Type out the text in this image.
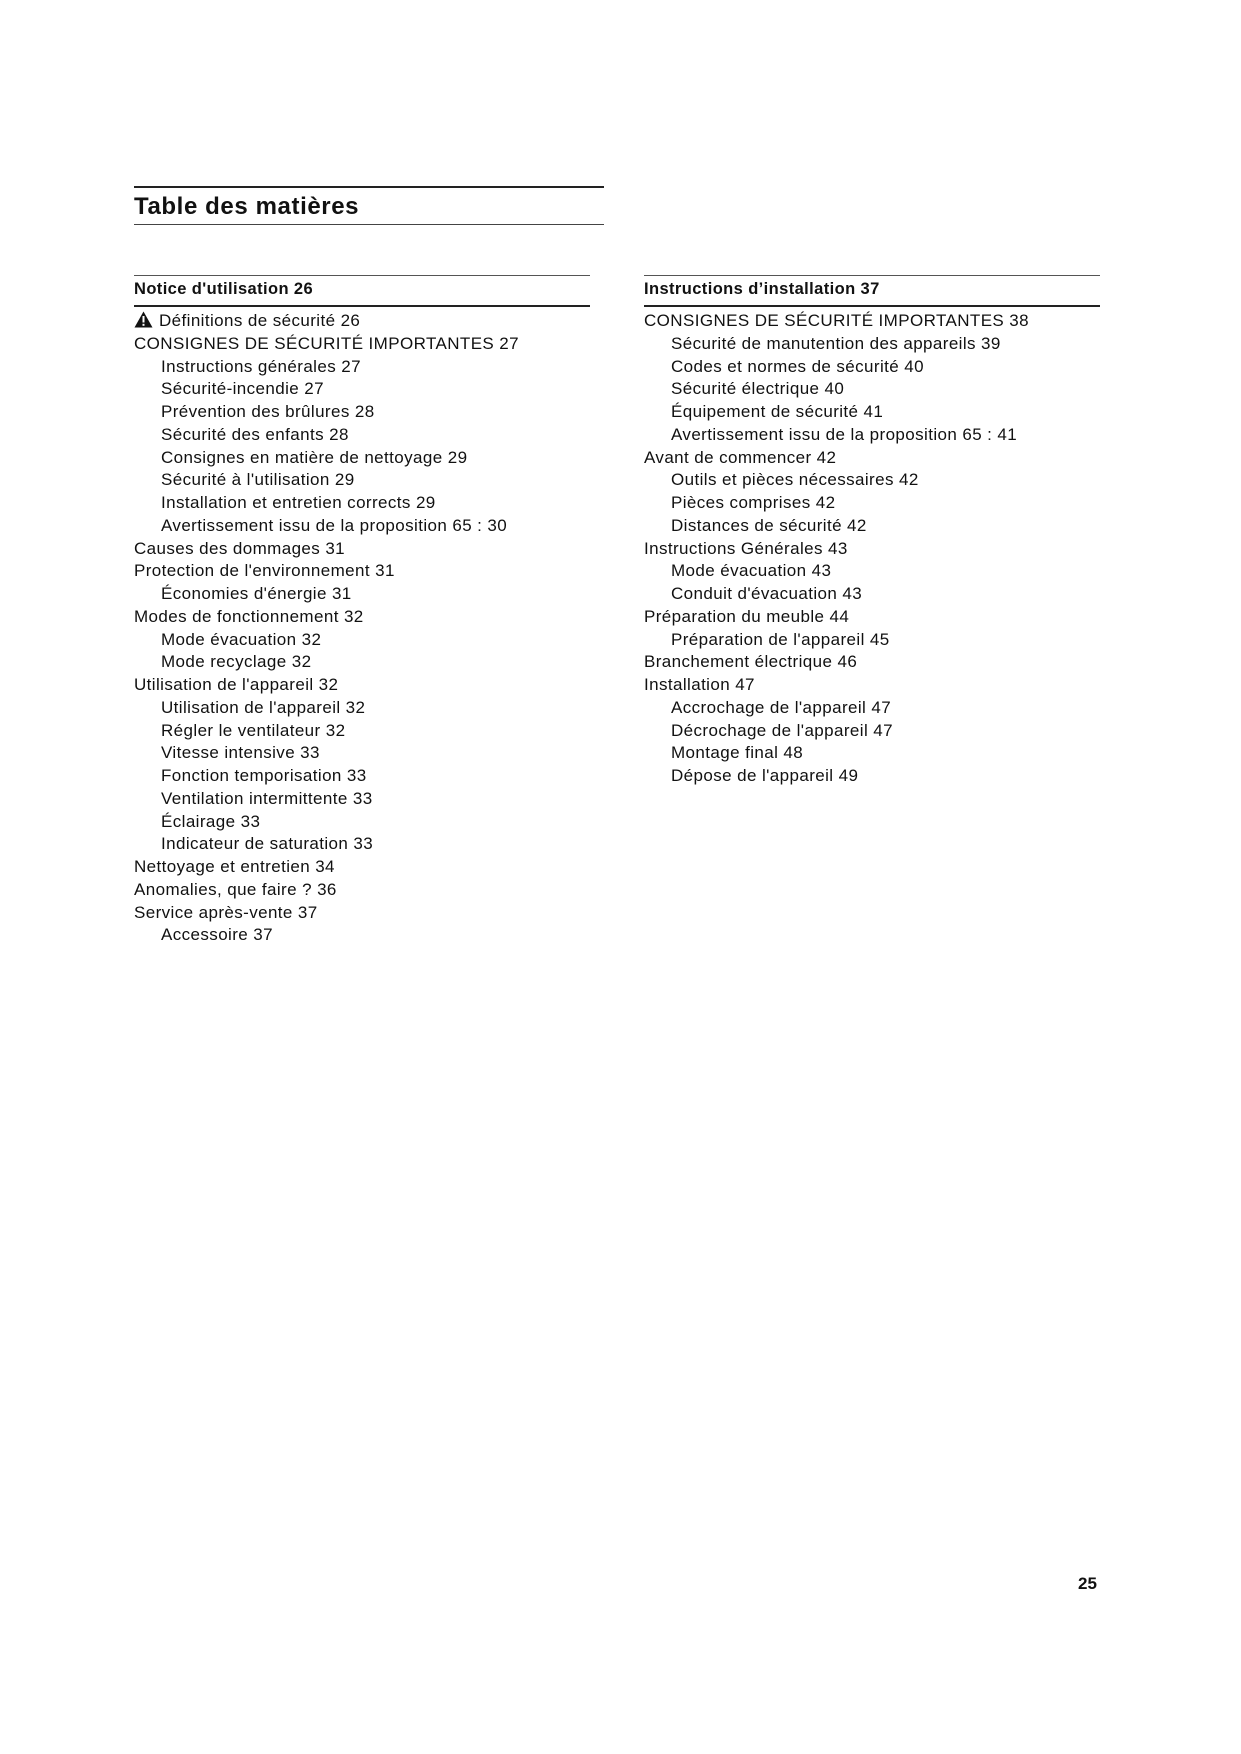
Table des matières
Notice d'utilisation 26
Définitions de sécurité 26
CONSIGNES DE SÉCURITÉ IMPORTANTES 27
Instructions générales 27
Sécurité-incendie 27
Prévention des brûlures 28
Sécurité des enfants 28
Consignes en matière de nettoyage 29
Sécurité à l'utilisation 29
Installation et entretien corrects 29
Avertissement issu de la proposition 65 : 30
Causes des dommages 31
Protection de l'environnement 31
Économies d'énergie 31
Modes de fonctionnement 32
Mode évacuation 32
Mode recyclage 32
Utilisation de l'appareil 32
Utilisation de l'appareil 32
Régler le ventilateur 32
Vitesse intensive 33
Fonction temporisation 33
Ventilation intermittente 33
Éclairage 33
Indicateur de saturation 33
Nettoyage et entretien 34
Anomalies, que faire ? 36
Service après-vente 37
Accessoire 37
Instructions d’installation 37
CONSIGNES DE SÉCURITÉ IMPORTANTES 38
Sécurité de manutention des appareils 39
Codes et normes de sécurité 40
Sécurité électrique 40
Équipement de sécurité 41
Avertissement issu de la proposition 65 : 41
Avant de commencer 42
Outils et pièces nécessaires 42
Pièces comprises 42
Distances de sécurité 42
Instructions Générales 43
Mode évacuation 43
Conduit d'évacuation 43
Préparation du meuble 44
Préparation de l'appareil 45
Branchement électrique 46
Installation 47
Accrochage de l'appareil 47
Décrochage de l'appareil 47
Montage final 48
Dépose de l'appareil 49
25
